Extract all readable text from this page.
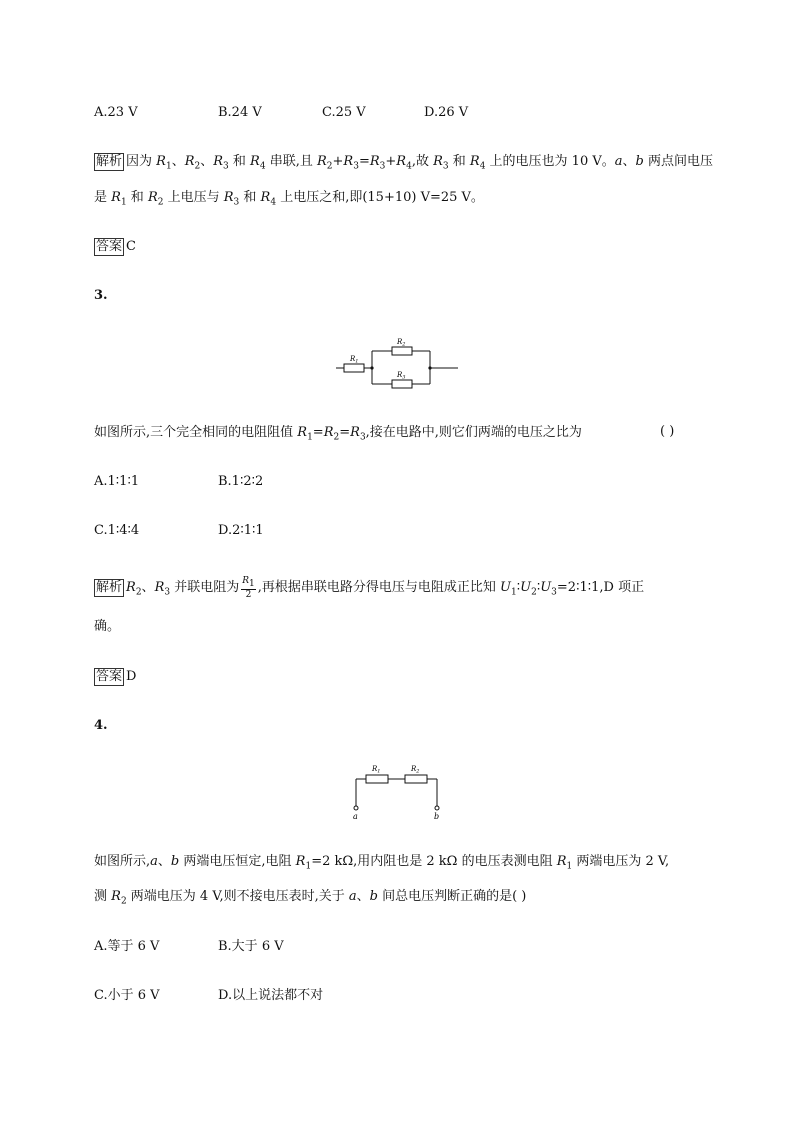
A.23 V	B.24 V	C.25 V	D.26 V
解析 因为 $R_1$、$R_2$、$R_3$ 和 $R_4$ 串联,且 $R_2+R_3=R_3+R_4$,故 $R_3$ 和 $R_4$ 上的电压也为 10 V。a、b 两点间电压
是 $R_1$ 和 $R_2$ 上电压与 $R_3$ 和 $R_4$ 上电压之和,即(15+10) V=25 V。
答案 C
3.
$R_1$
$R_2$
$R_3$
如图所示,三个完全相同的电阻阻值 $R_1=R_2=R_3$,接在电路中,则它们两端的电压之比为	( )
A.1∶1∶1	B.1∶2∶2
C.1∶4∶4	D.2∶1∶1
解析 $R_2$、$R_3$ 并联电阻为 $\frac{R_1}{2}$ ,再根据串联电路分得电压与电阻成正比知 $U_1∶U_2∶U_3=2∶1∶1,D$ 项正
确。
答案 D
4.
$R_1$	$R_2$
a	b
如图所示,a、b 两端电压恒定,电阻 $R_1=2$ kΩ,用内阻也是 2 kΩ 的电压表测电阻 $R_1$ 两端电压为 2 V,
测 $R_2$ 两端电压为 4 V,则不接电压表时,关于 a、b 间总电压判断正确的是( )
A.等于 6 V	B.大于 6 V
C.小于 6 V	D.以上说法都不对
